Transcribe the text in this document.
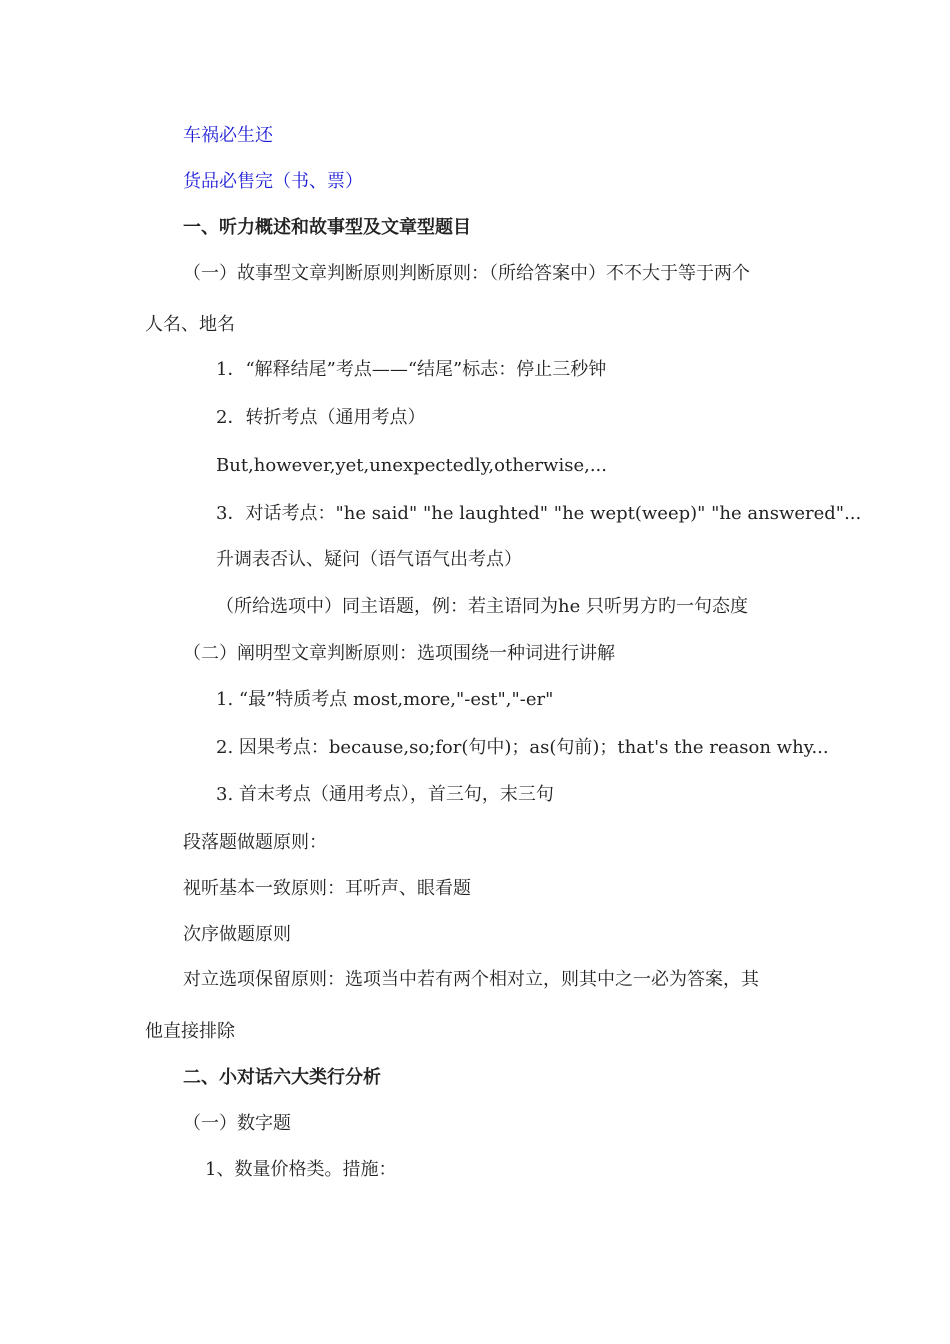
车祸必生还
货品必售完（书、票）
一、听力概述和故事型及文章型题目
（一）故事型文章判断原则判断原则：（所给答案中）不不大于等于两个
人名、地名
1．“解释结尾”考点——“结尾”标志：停止三秒钟
2．转折考点（通用考点）
But,however,yet,unexpectedly,otherwise,...
3．对话考点："he said" "he laughted" "he wept(weep)" "he answered"...
升调表否认、疑问（语气语气出考点）
（所给选项中）同主语题，例：若主语同为he 只听男方旳一句态度
（二）阐明型文章判断原则：选项围绕一种词进行讲解
1. “最”特质考点 most,more,"-est","-er"
2. 因果考点：because,so;for(句中)；as(句前)；that's the reason why...
3. 首末考点（通用考点），首三句，末三句
段落题做题原则：
视听基本一致原则：耳听声、眼看题
次序做题原则
对立选项保留原则：选项当中若有两个相对立，则其中之一必为答案，其
他直接排除
二、小对话六大类行分析
（一）数字题
1、数量价格类。措施：
